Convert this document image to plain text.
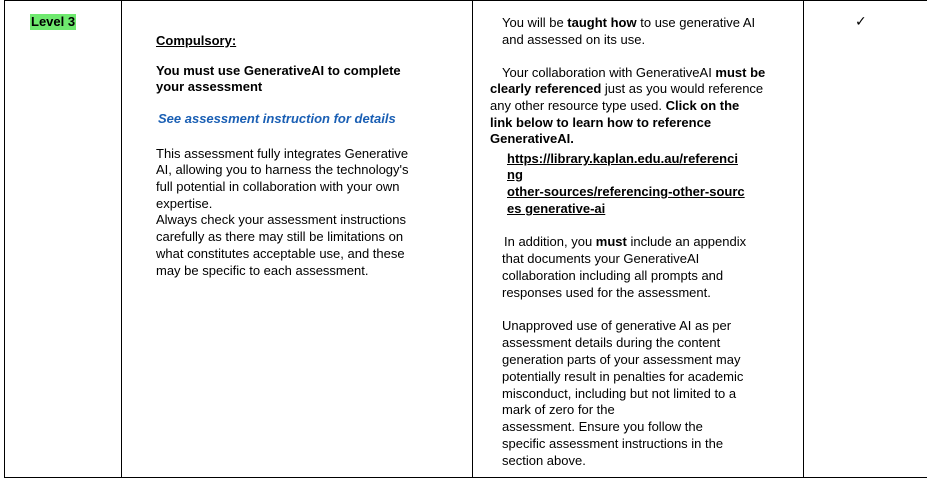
Level 3
Compulsory:
You must use GenerativeAI to complete
your assessment
See assessment instruction for details
This assessment fully integrates Generative
AI, allowing you to harness the technology's
full potential in collaboration with your own
expertise.
Always check your assessment instructions
carefully as there may still be limitations on
what constitutes acceptable use, and these
may be specific to each assessment.
You will be taught how to use generative AI
and assessed on its use.
Your collaboration with GenerativeAI must be
clearly referenced just as you would reference
any other resource type used. Click on the
link below to learn how to reference
GenerativeAI.
https://library.kaplan.edu.au/referenci
ng
other-sources/referencing-other-sourc
es generative-ai
In addition, you must include an appendix
that documents your GenerativeAI
collaboration including all prompts and
responses used for the assessment.
Unapproved use of generative AI as per
assessment details during the content
generation parts of your assessment may
potentially result in penalties for academic
misconduct, including but not limited to a
mark of zero for the
assessment. Ensure you follow the
specific assessment instructions in the
section above.
✓
